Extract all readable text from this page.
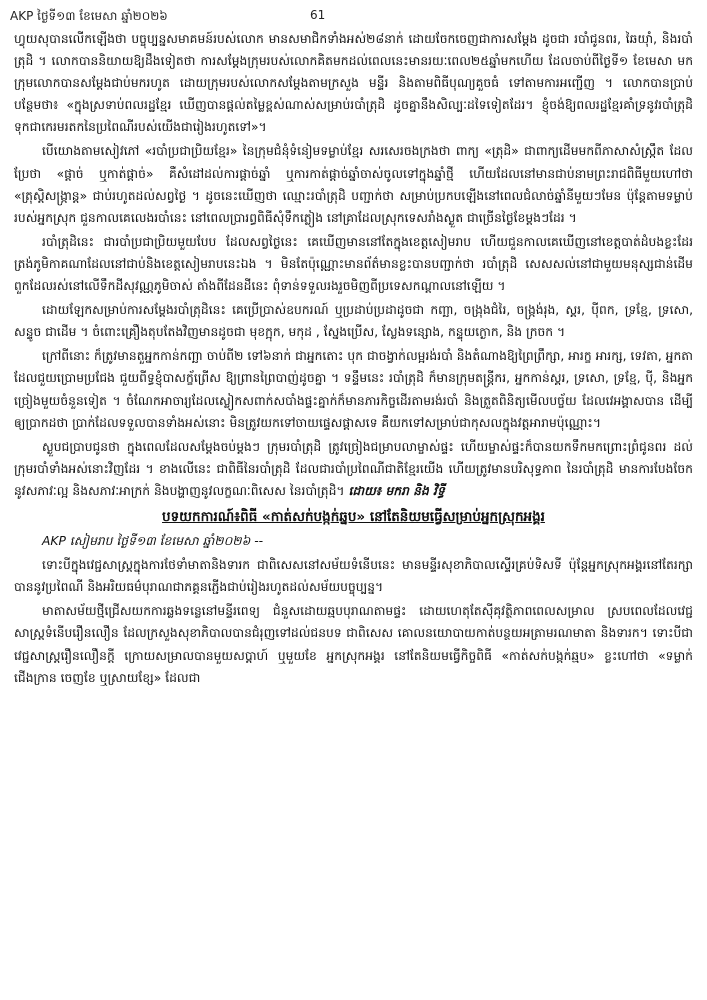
AKP ថ្ងៃទី១៣ ខែមេសា ឆ្នាំ២០២៦	61

ហ្វុយសុបានលើកឡើងថា បច្ចុប្បន្នសមាគមន៍របស់លោក មានសមាជិកទាំងអស់២៨នាក់ ដោយចែកចេញជាការសម្តែង ដូចជា របាំជូនពរ, ឆៃយ៉ាំ, និងរបាំត្រុដិ ។ លោកបាននិយាយឱ្យដឹងទៀតថា ការសម្តែងក្រុមរបស់លោកគិតមកដល់ពេលនេះមានរយៈពេល២៥ឆ្នាំមកហើយ ដែលចាប់ពីថ្ងៃទី១ ខែមេសា មក ក្រុមលោកបានសម្តែងជាប់មករហូត ដោយក្រុមរបស់លោកសម្តែងតាមក្រសួង មន្ទីរ និងតាមពិធីបុណ្យគួចធំ ទៅតាមការអញ្ជើញ ។ លោកបានប្រាប់បន្ថែមថា៖ «ក្នុងស្រទាប់ពលរដ្ឋខ្មែរ ឃើញបានផ្តល់តម្លៃខ្ពស់ណាស់សម្រាប់របាំត្រុដិ ដូចគ្នានឹងសិល្បៈដទៃទៀតដែរ។ ខ្ញុំចង់ឱ្យពលរដ្ឋខ្មែរគាំទ្រនូវរបាំត្រុដិ ទុកជាកេរមរតកនៃប្រពៃណីរបស់យើងជារៀងរហូតទៅ»។

បើយោងតាមសៀវភៅ «របាំប្រជាប្រិយខ្មែរ» នៃក្រុមជំនុំទំនៀមទម្លាប់ខ្មែរ សរសេរចងក្រងថា ពាក្យ «ត្រុដិ» ជាពាក្យដើមមកពីភាសាសំស្ក្រឹត ដែលប្រែថា «ផ្តាច់ ឬកាត់ផ្តាច់» គឺសំដៅដល់ការផ្តាច់ឆ្នាំ ឬការកាត់ផ្តាច់ឆ្នាំចាស់ចូលទៅក្នុងឆ្នាំថ្មី ហើយដែលនៅមានជាប់នាមព្រះរាជពិធីមួយហៅថា «ត្រុស្តិសង្ក្រាន្ត» ជាប់រហូតដល់សព្វថ្ងៃ ។ ដូចនេះឃើញថា ឈ្មោះរបាំត្រុដិ បញ្ជាក់ថា សម្រាប់ប្រកបឡើងនៅពេលជំលាច់ឆ្នាំនីមួយៗមែន ប៉ុន្តែតាមទម្លាប់របស់អ្នកស្រុក ជួនកាលគេលេងរបាំនេះ នៅពេលប្រារព្ធពិធីសុំទឹកភ្លៀង នៅគ្រាដែលស្រុកទេសរាំងស្ងួត ជាច្រើនថ្ងៃខែម្តងៗដែរ ។

របាំត្រុដិនេះ ជារបាំប្រជាប្រិយមួយបែប ដែលសព្វថ្ងៃនេះ គេឃើញមាននៅតែក្នុងខេត្តសៀមរាប ហើយជួនកាលគេឃើញនៅខេត្តបាត់ដំបងខ្លះដែរ ត្រង់ភូមិកាគណាដែលនៅជាប់និងខេត្តសៀមរាបនេះឯង ។ មិនតែប៉ុណ្ណោះមានព័ត៌មានខ្លះបានបញ្ជាក់ថា របាំត្រុដិ សេសសល់នៅជាមួយមនុស្សជាន់ដើម ពួកដែលរស់នៅលើទឹកដីសុវណ្ណភូមិចាស់ តាំងពីដែនដីនេះ ពុំទាន់ទទួលរងរួចមិញពីប្រទេសកណ្តាលនៅឡើយ ។

ដោយឡែកសម្រាប់ការសម្តែងរបាំត្រុដិនេះ គេប្រើប្រាស់ឧបករណ៍ ឬប្រដាប់ប្រដាដូចជា កញ្ឆា, ចង្រុងជំរៃ, ចង្រ្កង់រុង, ស្គរ, ប៉ីពក, ទ្រខ្មែ, ទ្រសោ, សន្ទូច ជាដើម ។ ចំពោះគ្រឿងតុបតែងវិញមានដូចជា មុខក្អុក, មកុដ , ស្នែងប្រើស, ស្លែងទន្សោង, កន្ទុយក្ងោក, និង ក្រចក ។

ក្រៅពីនោះ ក៏ត្រូវមានតួអ្នកកាន់កញ្ឆា ចាប់ពី២ ទៅ៦នាក់ ជាអ្នកតោះ បុក ជាចង្វាក់លម្អរង់របាំ និងតំណាងឱ្យព្រៃព្រឹក្សា, អារក្ខ អារក្ស, ទេវតា, អ្នកតា ដែលជួយប្រោមប្រជែង ជួយពីទ្ធខ្ញុំបាសក្ខ័ព្រើស ឱ្យព្រានព្រៃបាញ់ដូចគ្នា ។ ទន្ទឹមនេះ របាំត្រុដិ ក៏មានក្រុមតន្ត្រីករ, អ្នកកាន់ស្គរ, ទ្រសោ, ទ្រខ្មែ, ប៉ី, និងអ្នកច្រៀងមួយចំនួនទៀត ។ ចំណែកអាចារ្យដែលស្លៀកសពាក់សបាំងផ្ទះគ្នាក់ក៏មានភារកិច្ចដើរតាមរង់របាំ និងត្រួតពិនិត្យមើលបច្ច័យ ដែលវេអង្គាសបាន ដើម្បីឲ្យប្រាកដថា ប្រាក់ដែលទទួលបានទាំងអស់នោះ មិនត្រូវយកទៅចាយផ្ទេសផ្តាសទេ គឺយកទៅសម្រាប់ជាកុសលក្នុងវត្តអារាមប៉ុណ្ណោះ។

ស្ងួបជប្រាបជូនថា ក្នុងពេលដែលសម្តែងចប់ម្តងៗ ក្រុមរបាំត្រុដិ ត្រូវច្រៀងជម្រាបលាម្ចាស់ផ្ទះ ហើយម្ចាស់ផ្ទះក៏បានយកទឹកមកព្រោះព្រំជូនពរ ដល់ក្រុមរបាំទាំងអស់នោះវិញដែរ ។ ខាងលើនេះ ជាពិធីនៃរបាំត្រុដិ ដែលជារបាំប្រពៃណីជាតិខ្មែរយើង ហើយត្រូវមានបរិសុទ្ធភាព នៃរបាំត្រុដិ មានការបែងចែកនូវសភាវៈល្អ និងសភាវៈអាក្រក់ និងបង្ហាញនូវលក្ខណៈពិសេស នៃរបាំត្រុដិ។ ដោយ៖ មករា និង វិទ្ធី

បទយកការណ៍៖ពិធី «កាត់សក់បង្កក់ឆ្នប» នៅតែនិយមធ្វើសម្រាប់អ្នកស្រុកអង្គរ

AKP សៀមរាប ថ្ងៃទី១៣ ខែមេសា ឆ្នាំ២០២៦ --

ទោះបីក្នុងវេជ្ជសាស្ត្រក្នុងការថែទាំមាតានិងទារក ជាពិសេសនៅសម័យទំនើបនេះ មានមន្ទីរសុខាភិបាលស្ទើរគ្រប់ទិសទី ប៉ុន្តែអ្នកស្រុកអង្គរនៅតែរក្សាបាននូវប្រពៃណី និងអរិយធម៌បុរាណជាភគ្គនភ្ជើងជាប់រៀងរហូតដល់សម័យបច្ចុប្បន្ន។

មាតាសម័យថ្មីជ្រើសយកការឆ្លងទន្លេនៅមន្ទីរពេទ្យ ជំនួសដោយឆ្មបបុរាណតាមផ្ទះ ដោយហេតុតែស៊ីគុវត្ថិភាពពេលសម្រាល ស្របពេលដែលវេជ្ជសាស្ត្រទំនើបរឿនលឿន ដែលក្រសួងសុខាភិបាលបានជំរុញទៅដល់ជនបទ ជាពិសេស គោលនយោបាយកាត់បន្ថយអត្រាមរណមាតា និងទារក។ ទោះបីជា វេជ្ជសាស្ត្ររឿនលឿនក្តី ក្រោយសម្រាលបានមួយសប្តាហ៍ ឬមួយខែ អ្នកស្រុកអង្គរ នៅតែនិយមធ្វើកិច្ចពិធី «កាត់សក់បង្កក់ឆ្មប» ខ្លះហៅថា «ទម្លាក់ជើងក្រាន ចេញខែ ឬស្រាយខ្សែ» ដែលជា
